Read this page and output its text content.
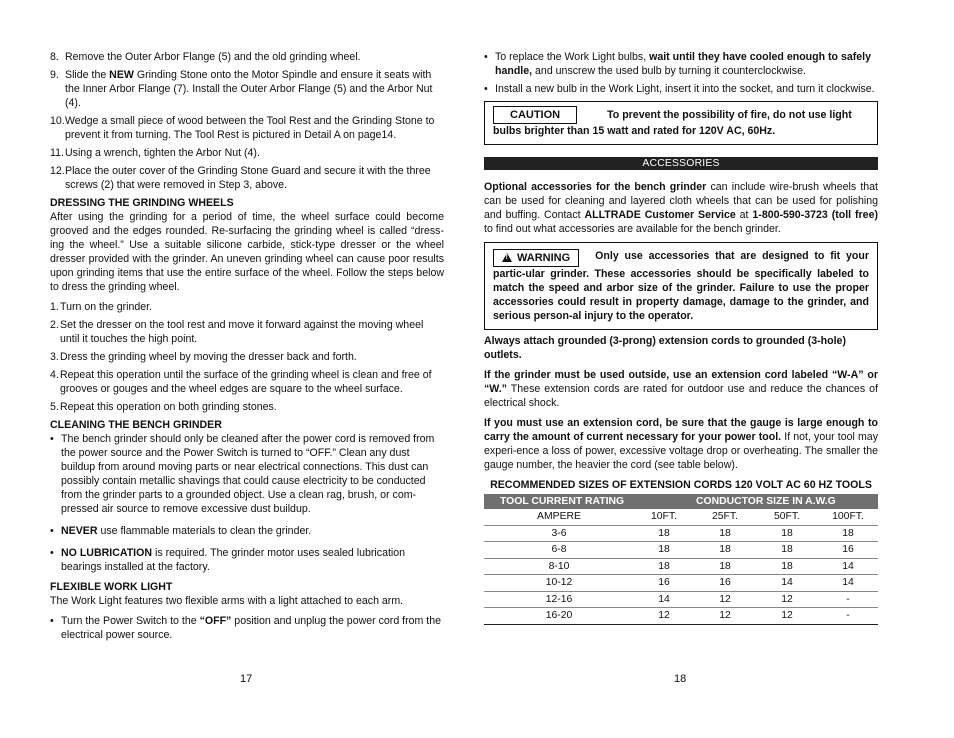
8. Remove the Outer Arbor Flange (5) and the old grinding wheel.
9. Slide the NEW Grinding Stone onto the Motor Spindle and ensure it seats with the Inner Arbor Flange (7). Install the Outer Arbor Flange (5) and the Arbor Nut (4).
10. Wedge a small piece of wood between the Tool Rest and the Grinding Stone to prevent it from turning. The Tool Rest is pictured in Detail A on page14.
11. Using a wrench, tighten the Arbor Nut (4).
12. Place the outer cover of the Grinding Stone Guard and secure it with the three screws (2) that were removed in Step 3, above.

DRESSING THE GRINDING WHEELS

After using the grinding for a period of time, the wheel surface could become grooved and the edges rounded. Re-surfacing the grinding wheel is called “dress-ing the wheel.” Use a suitable silicone carbide, stick-type dresser or the wheel dresser provided with the grinder. An uneven grinding wheel can cause poor results upon grinding items that use the entire surface of the wheel. Follow the steps below to dress the grinding wheel.

1. Turn on the grinder.
2. Set the dresser on the tool rest and move it forward against the moving wheel until it touches the high point.
3. Dress the grinding wheel by moving the dresser back and forth.
4. Repeat this operation until the surface of the grinding wheel is clean and free of grooves or gouges and the wheel edges are square to the wheel surface.
5. Repeat this operation on both grinding stones.

CLEANING THE BENCH GRINDER

• The bench grinder should only be cleaned after the power cord is removed from the power source and the Power Switch is turned to “OFF.” Clean any dust buildup from around moving parts or near electrical connections. This dust can possibly contain metallic shavings that could cause electricity to be conducted from the grinder parts to a grounded object. Use a clean rag, brush, or com-pressed air source to remove excessive dust buildup.

• NEVER use flammable materials to clean the grinder.

• NO LUBRICATION is required. The grinder motor uses sealed lubrication bearings installed at the factory.

FLEXIBLE WORK LIGHT

The Work Light features two flexible arms with a light attached to each arm.

• Turn the Power Switch to the “OFF” position and unplug the power cord from the electrical power source.

17

• To replace the Work Light bulbs, wait until they have cooled enough to safely handle, and unscrew the used bulb by turning it counterclockwise.

• Install a new bulb in the Work Light, insert it into the socket, and turn it clockwise.

CAUTION	To prevent the possibility of fire, do not use light bulbs brighter than 15 watt and rated for 120V AC, 60Hz.
ACCESSORIES

Optional accessories for the bench grinder can include wire-brush wheels that can be used for cleaning and layered cloth wheels that can be used for polishing and buffing. Contact ALLTRADE Customer Service at 1-800-590-3723 (toll free) to find out what accessories are available for the bench grinder.

!WARNING Only use accessories that are designed to fit your partic-ular grinder. These accessories should be specifically labeled to match the speed and arbor size of the grinder. Failure to use the proper accessories could result in property damage, damage to the grinder, and serious person-al injury to the operator.

Always attach grounded (3-prong) extension cords to grounded (3-hole) outlets.

If the grinder must be used outside, use an extension cord labeled “W-A” or “W.” These extension cords are rated for outdoor use and reduce the chances of electrical shock.

If you must use an extension cord, be sure that the gauge is large enough to carry the amount of current necessary for your power tool. If not, your tool may experi-ence a loss of power, excessive voltage drop or overheating. The smaller the gauge number, the heavier the cord (see table below).

RECOMMENDED SIZES OF EXTENSION CORDS 120 VOLT AC 60 HZ TOOLS

TOOL CURRENT RATING	CONDUCTOR SIZE IN A.W.G
AMPERE	10FT.	25FT.	50FT.	100FT.
3-6	18	18	18	18
6-8	18	18	18	16
8-10	18	18	18	14
10-12	16	16	14	14
12-16	14	12	12	-
16-20	12	12	12	-
18
